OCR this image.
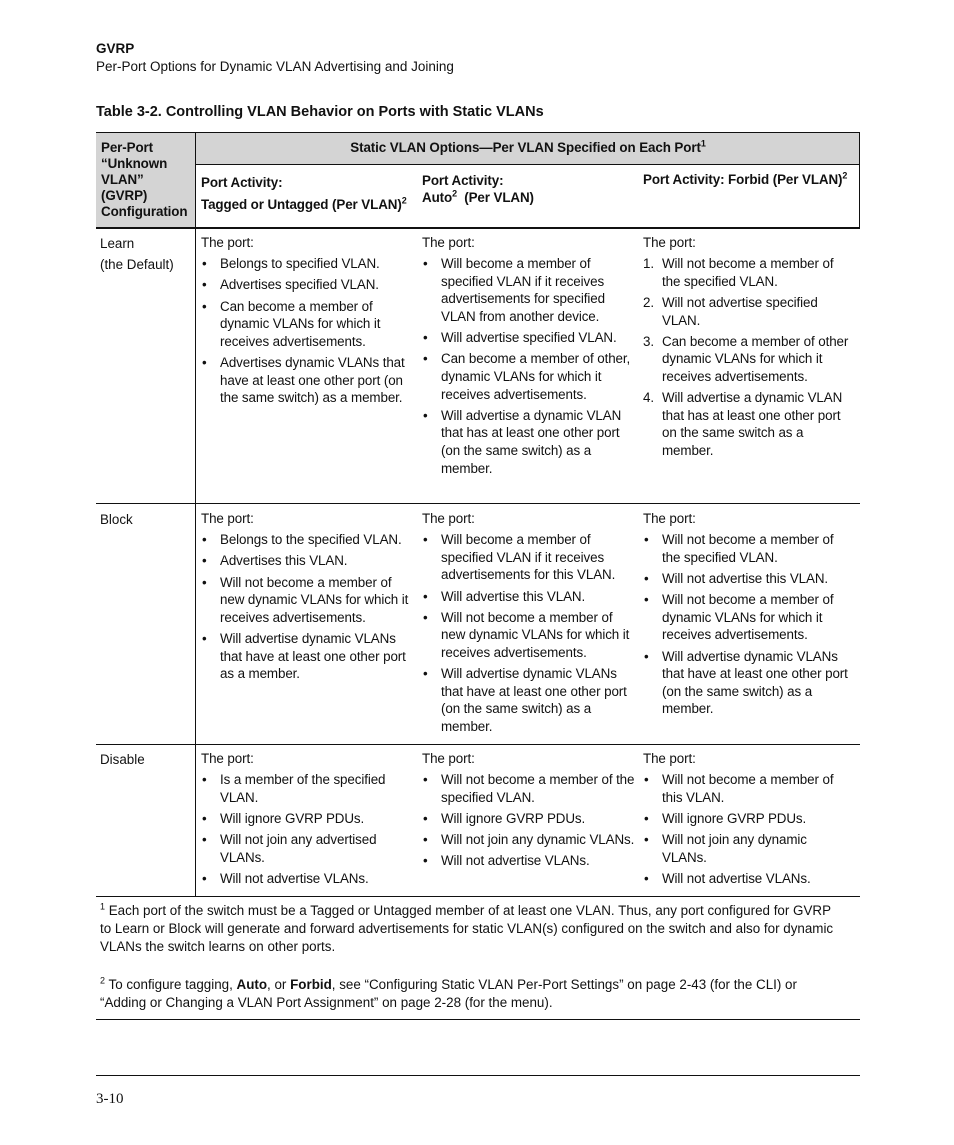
GVRP
Per-Port Options for Dynamic VLAN Advertising and Joining
Table 3-2. Controlling VLAN Behavior on Ports with Static VLANs
Per-Port
“Unknown
VLAN”
(GVRP)
Configuration
Static VLAN Options—Per VLAN Specified on Each Port$^1$
Port Activity:
Tagged or Untagged (Per VLAN)$^2$
Port Activity:
Auto$^2$  (Per VLAN)
Port Activity: Forbid (Per VLAN)$^2$
Learn
(the Default)
The port:
• Belongs to specified VLAN.
• Advertises specified VLAN.
• Can become a member of dynamic VLANs for which it receives advertisements.
• Advertises dynamic VLANs that have at least one other port (on the same switch) as a member.
The port:
• Will become a member of specified VLAN if it receives advertisements for specified VLAN from another device.
• Will advertise specified VLAN.
• Can become a member of other, dynamic VLANs for which it receives advertisements.
• Will advertise a dynamic VLAN that has at least one other port (on the same switch) as a member.
The port:
1. Will not become a member of the specified VLAN.
2. Will not advertise specified VLAN.
3. Can become a member of other dynamic VLANs for which it receives advertisements.
4. Will advertise a dynamic VLAN that has at least one other port on the same switch as a member.
Block	The port:
• Belongs to the specified VLAN.
• Advertises this VLAN.
• Will not become a member of new dynamic VLANs for which it receives advertisements.
• Will advertise dynamic VLANs that have at least one other port as a member.
The port:
• Will become a member of specified VLAN if it receives advertisements for this VLAN.
• Will advertise this VLAN.
• Will not become a member of new dynamic VLANs for which it receives advertisements.
• Will advertise dynamic VLANs that have at least one other port (on the same switch) as a member.
The port:
• Will not become a member of the specified VLAN.
• Will not advertise this VLAN.
• Will not become a member of dynamic VLANs for which it receives advertisements.
• Will advertise dynamic VLANs that have at least one other port (on the same switch) as a member.
Disable	The port:
• Is a member of the specified VLAN.
• Will ignore GVRP PDUs.
• Will not join any advertised VLANs.
• Will not advertise VLANs.
The port:
• Will not become a member of the specified VLAN.
• Will ignore GVRP PDUs.
• Will not join any dynamic VLANs.
• Will not advertise VLANs.
The port:
• Will not become a member of this VLAN.
• Will ignore GVRP PDUs.
• Will not join any dynamic VLANs.
• Will not advertise VLANs.

$^1$ Each port of the switch must be a Tagged or Untagged member of at least one VLAN. Thus, any port configured for GVRP to Learn or Block will generate and forward advertisements for static VLAN(s) configured on the switch and also for dynamic VLANs the switch learns on other ports.

$^2$ To configure tagging, Auto, or Forbid, see “Configuring Static VLAN Per-Port Settings” on page 2-43 (for the CLI) or “Adding or Changing a VLAN Port Assignment” on page 2-28 (for the menu).

3-10
